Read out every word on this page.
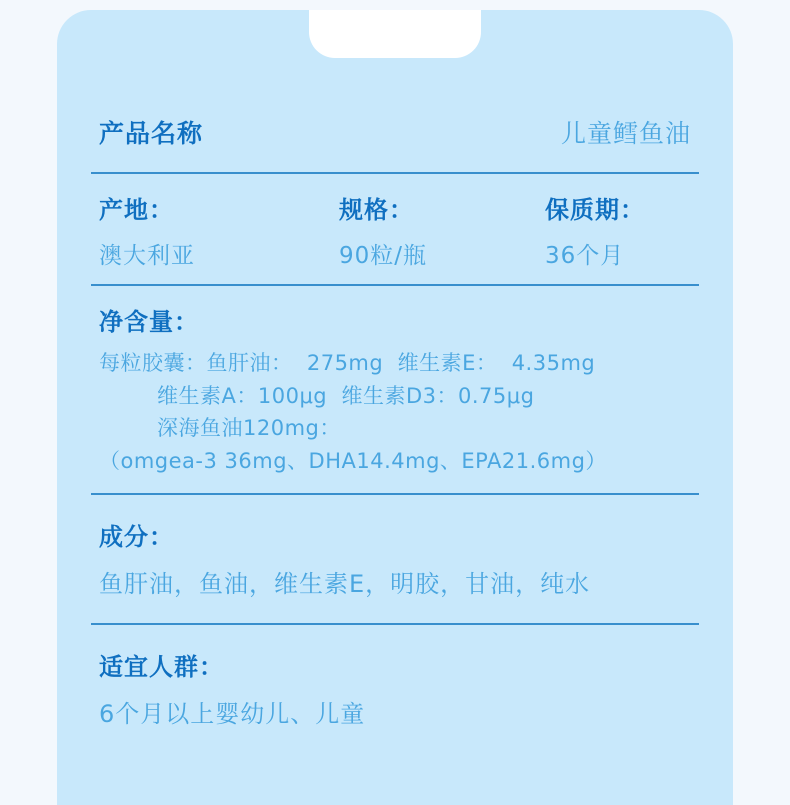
产品名称	儿童鳕鱼油
产地：
澳大利亚
规格：
90粒/瓶
保质期：
36个月
净含量：
每粒胶囊：鱼肝油：  275mg  维生素E：  4.35mg
维生素A：100μg  维生素D3：0.75μg
深海鱼油120mg：
（omgea-3 36mg、DHA14.4mg、EPA21.6mg）
成分：
鱼肝油，鱼油，维生素E，明胶，甘油，纯水
适宜人群：
6个月以上婴幼儿、儿童
